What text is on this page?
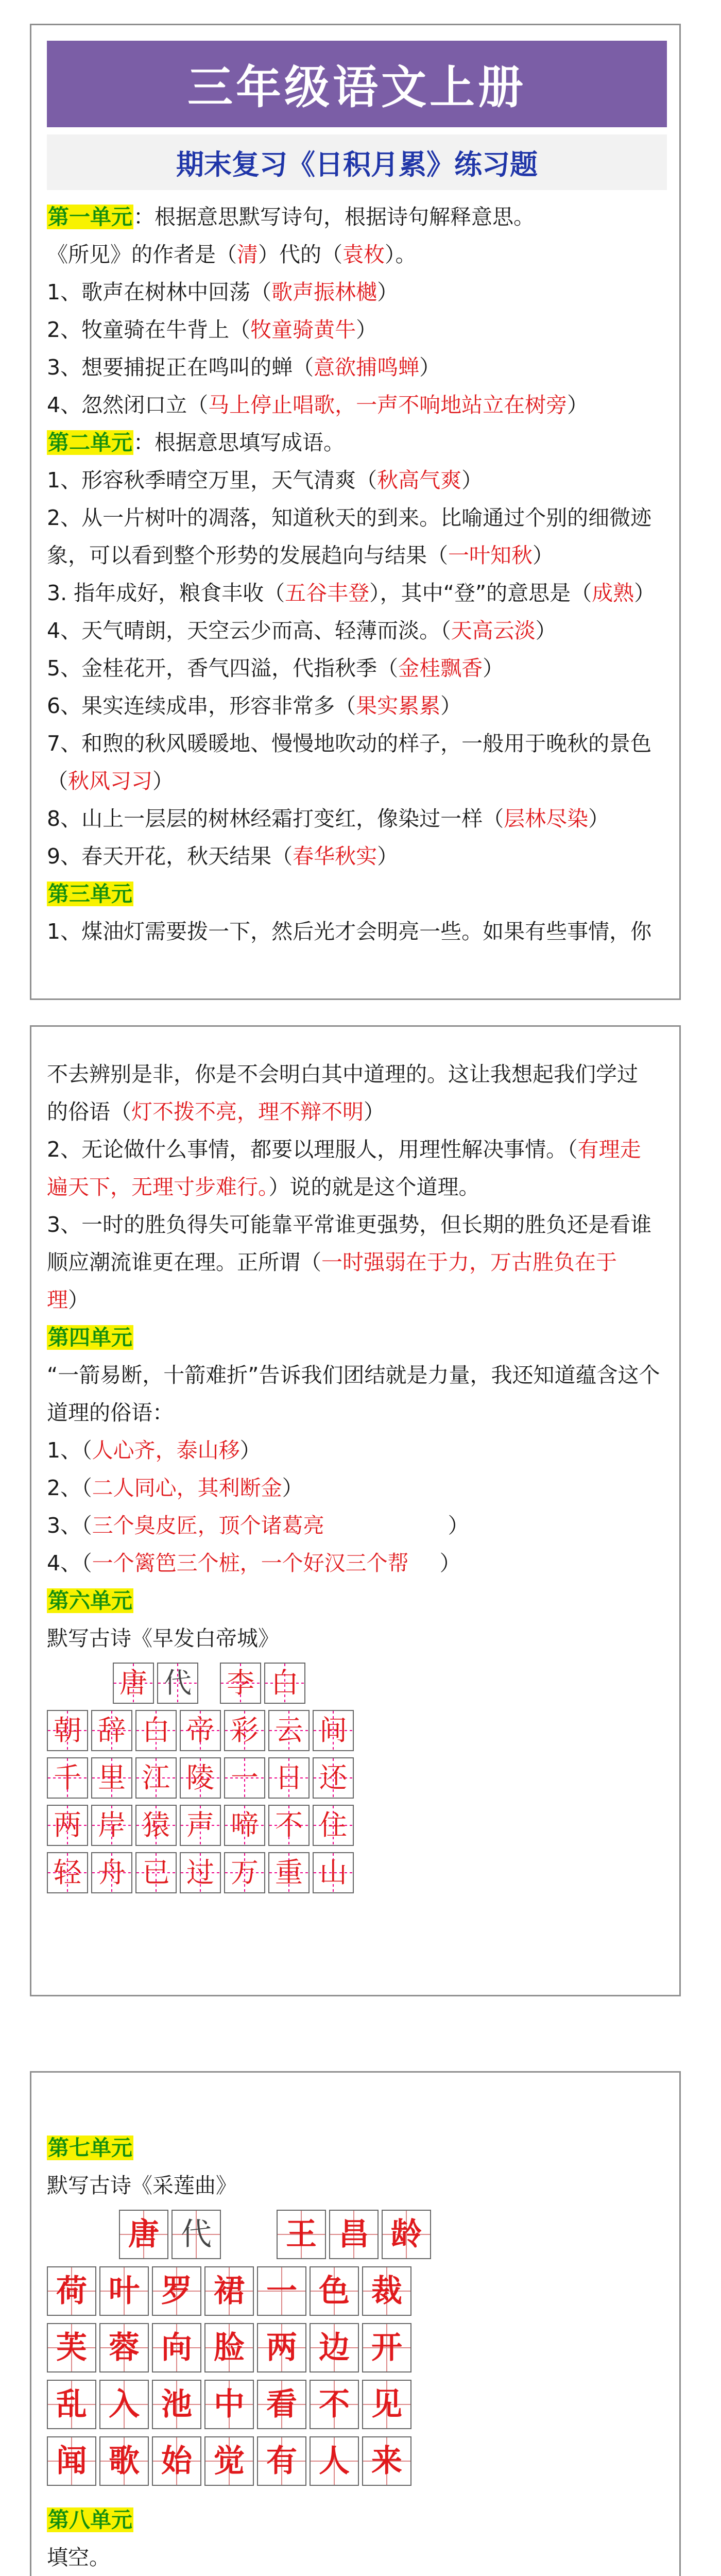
三年级语文上册
期末复习《日积月累》练习题
第一单元：根据意思默写诗句，根据诗句解释意思。
《所见》的作者是（清）代的（袁枚）。
1、歌声在树林中回荡（歌声振林樾）
2、牧童骑在牛背上（牧童骑黄牛）
3、想要捕捉正在鸣叫的蝉（意欲捕鸣蝉）
4、忽然闭口立（马上停止唱歌，一声不响地站立在树旁）
第二单元：根据意思填写成语。
1、形容秋季晴空万里，天气清爽（秋高气爽）
2、从一片树叶的凋落，知道秋天的到来。比喻通过个别的细微迹
象，可以看到整个形势的发展趋向与结果（一叶知秋）
3. 指年成好，粮食丰收（五谷丰登），其中“登”的意思是（成熟）
4、天气晴朗，天空云少而高、轻薄而淡。（天高云淡）
5、金桂花开，香气四溢，代指秋季（金桂飘香）
6、果实连续成串，形容非常多（果实累累）
7、和煦的秋风暖暖地、慢慢地吹动的样子，一般用于晚秋的景色
（秋风习习）
8、山上一层层的树林经霜打变红，像染过一样（层林尽染）
9、春天开花，秋天结果（春华秋实）
第三单元
1、煤油灯需要拨一下，然后光才会明亮一些。如果有些事情，你
不去辨别是非，你是不会明白其中道理的。这让我想起我们学过
的俗语（灯不拨不亮，理不辩不明）
2、无论做什么事情，都要以理服人，用理性解决事情。（有理走
遍天下，无理寸步难行。）说的就是这个道理。
3、一时的胜负得失可能靠平常谁更强势，但长期的胜负还是看谁
顺应潮流谁更在理。正所谓（一时强弱在于力，万古胜负在于
理）
第四单元
“一箭易断，十箭难折”告诉我们团结就是力量，我还知道蕴含这个
道理的俗语：
1、（人心齐，泰山移）
2、（二人同心，其利断金）
3、（三个臭皮匠，顶个诸葛亮	）
4、（一个篱笆三个桩，一个好汉三个帮 ）
第六单元
默写古诗《早发白帝城》
唐 代 李 白
朝 辞 白 帝 彩 云 间
千 里 江 陵 一 日 还
两 岸 猿 声 啼 不 住
轻 舟 已 过 万 重 山
第七单元
默写古诗《采莲曲》
唐 代	王 昌 龄
荷 叶 罗 裙 一 色 裁
芙 蓉 向 脸 两 边 开
乱 入 池 中 看 不 见
闻 歌 始 觉 有 人 来
第八单元
填空。
